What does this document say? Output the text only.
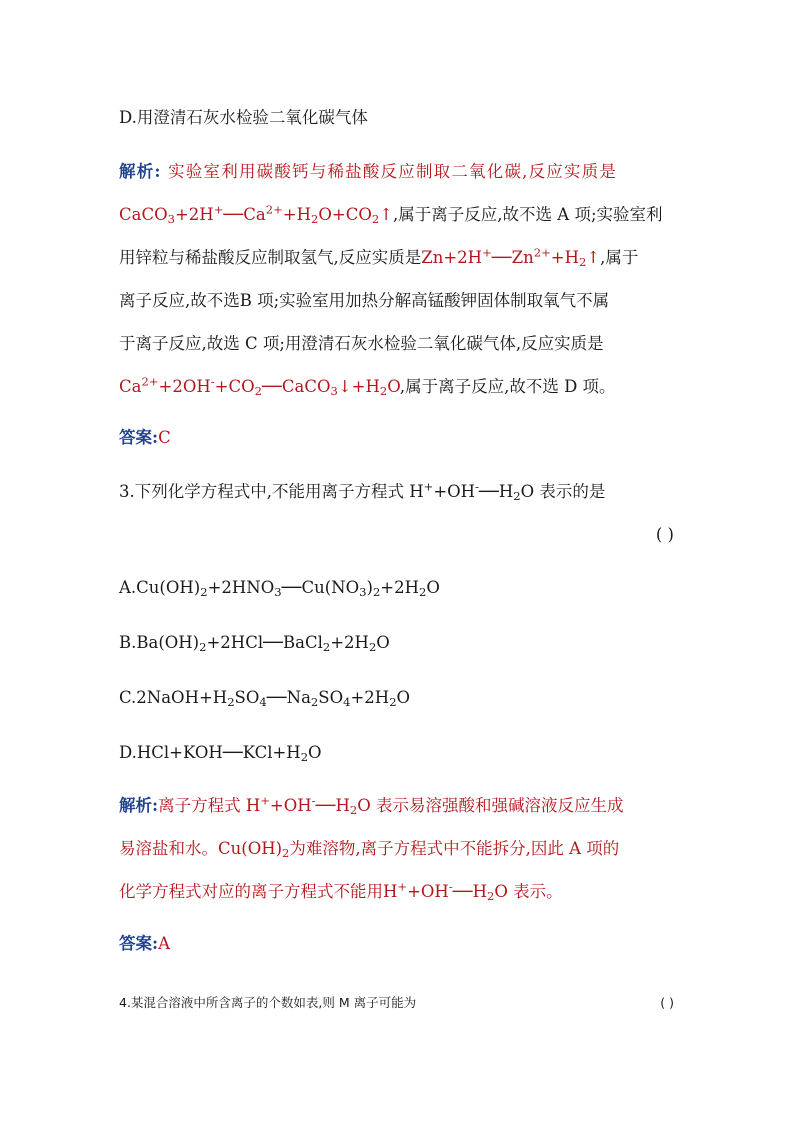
D.用澄清石灰水检验二氧化碳气体
解析: 实验室利用碳酸钙与稀盐酸反应制取二氧化碳,反应实质是
$CaCO_3+2H^+──Ca^{2+}+H_2O+CO_2↑$,属于离子反应,故不选 A 项;实验室利
用锌粒与稀盐酸反应制取氢气,反应实质是$Zn+2H^+──Zn^{2+}+H_2↑$,属于
离子反应,故不选B 项;实验室用加热分解高锰酸钾固体制取氧气不属
于离子反应,故选 C 项;用澄清石灰水检验二氧化碳气体,反应实质是
$Ca^{2+}+2OH^-+CO_2──CaCO_3↓+H_2O$,属于离子反应,故不选 D 项。
答案:C
3.下列化学方程式中,不能用离子方程式 $H^++OH^-──H_2O$ 表示的是
( )
$A.Cu(OH)_2+2HNO_3──Cu(NO_3)_2+2H_2O$
$B.Ba(OH)_2+2HCl──BaCl_2+2H_2O$
$C.2NaOH+H_2SO_4──Na_2SO_4+2H_2O$
$D.HCl+KOH──KCl+H_2O$
解析:离子方程式 $H^++OH^-──H_2O$ 表示易溶强酸和强碱溶液反应生成
易溶盐和水。$Cu(OH)_2$为难溶物,离子方程式中不能拆分,因此 A 项的
化学方程式对应的离子方程式不能用$H^++OH^-──H_2O$ 表示。
答案:A
4.某混合溶液中所含离子的个数如表,则 M 离子可能为	( )
